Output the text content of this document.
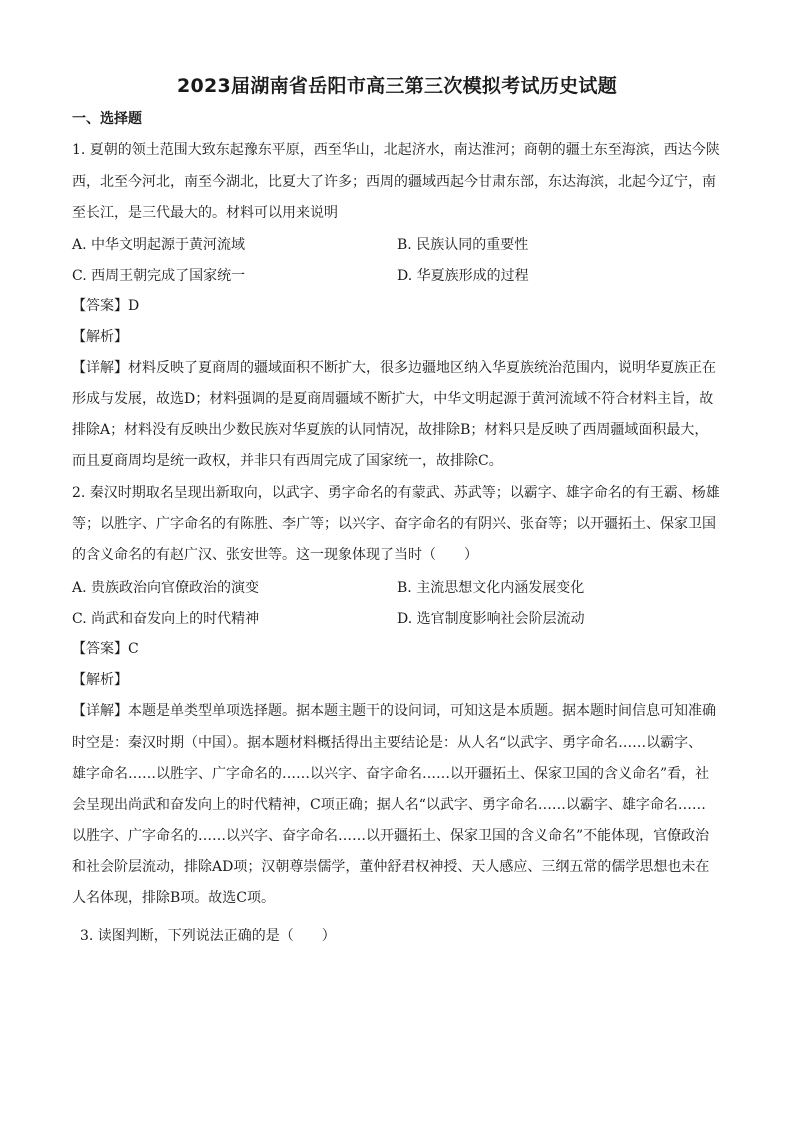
2023届湖南省岳阳市高三第三次模拟考试历史试题
一、选择题
1. 夏朝的领土范围大致东起豫东平原，西至华山，北起济水，南达淮河；商朝的疆土东至海滨，西达今陕
西，北至今河北，南至今湖北，比夏大了许多；西周的疆域西起今甘肃东部，东达海滨，北起今辽宁，南
至长江，是三代最大的。材料可以用来说明
A. 中华文明起源于黄河流域	B. 民族认同的重要性
C. 西周王朝完成了国家统一	D. 华夏族形成的过程
【答案】D
【解析】
【详解】材料反映了夏商周的疆域面积不断扩大，很多边疆地区纳入华夏族统治范围内，说明华夏族正在
形成与发展，故选D；材料强调的是夏商周疆域不断扩大，中华文明起源于黄河流域不符合材料主旨，故
排除A；材料没有反映出少数民族对华夏族的认同情况，故排除B；材料只是反映了西周疆域面积最大，
而且夏商周均是统一政权，并非只有西周完成了国家统一，故排除C。
2. 秦汉时期取名呈现出新取向，以武字、勇字命名的有蒙武、苏武等；以霸字、雄字命名的有王霸、杨雄
等；以胜字、广字命名的有陈胜、李广等；以兴字、奋字命名的有阴兴、张奋等；以开疆拓土、保家卫国
的含义命名的有赵广汉、张安世等。这一现象体现了当时（　　）
A. 贵族政治向官僚政治的演变	B. 主流思想文化内涵发展变化
C. 尚武和奋发向上的时代精神	D. 选官制度影响社会阶层流动
【答案】C
【解析】
【详解】本题是单类型单项选择题。据本题主题干的设问词，可知这是本质题。据本题时间信息可知准确
时空是：秦汉时期（中国）。据本题材料概括得出主要结论是：从人名“以武字、勇字命名……以霸字、
雄字命名……以胜字、广字命名的……以兴字、奋字命名……以开疆拓土、保家卫国的含义命名”看，社
会呈现出尚武和奋发向上的时代精神，C项正确；据人名“以武字、勇字命名……以霸字、雄字命名……
以胜字、广字命名的……以兴字、奋字命名……以开疆拓土、保家卫国的含义命名”不能体现，官僚政治
和社会阶层流动，排除AD项；汉朝尊崇儒学，董仲舒君权神授、天人感应、三纲五常的儒学思想也未在
人名体现，排除B项。故选C项。
3. 读图判断，下列说法正确的是（　　）
